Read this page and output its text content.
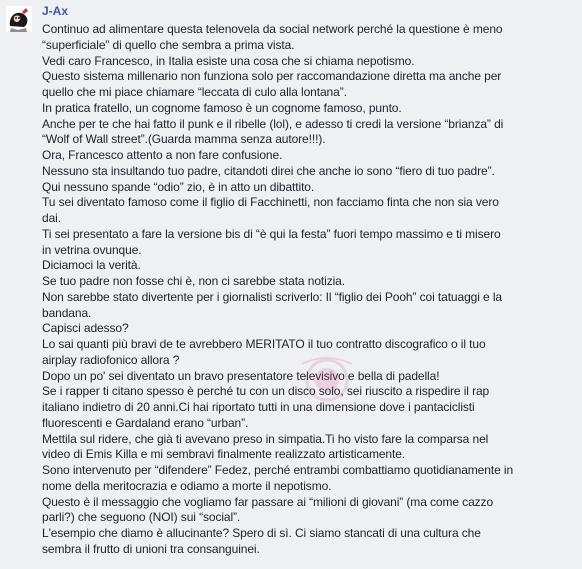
J-Ax
Continuo ad alimentare questa telenovela da social network perché la questione è meno
“superficiale” di quello che sembra a prima vista.
Vedi caro Francesco, in Italia esiste una cosa che si chiama nepotismo.
Questo sistema millenario non funziona solo per raccomandazione diretta ma anche per
quello che mi piace chiamare “leccata di culo alla lontana”.
In pratica fratello, un cognome famoso è un cognome famoso, punto.
Anche per te che hai fatto il punk e il ribelle (lol), e adesso ti credi la versione “brianza” di
“Wolf of Wall street”.(Guarda mamma senza autore!!!).
Ora, Francesco attento a non fare confusione.
Nessuno sta insultando tuo padre, citandoti direi che anche io sono “fiero di tuo padre”.
Qui nessuno spande “odio” zio, è in atto un dibattito.
Tu sei diventato famoso come il figlio di Facchinetti, non facciamo finta che non sia vero
dai.
Ti sei presentato a fare la versione bis di “è qui la festa” fuori tempo massimo e ti misero
in vetrina ovunque.
Diciamoci la verità.
Se tuo padre non fosse chi è, non ci sarebbe stata notizia.
Non sarebbe stato divertente per i giornalisti scriverlo: Il “figlio dei Pooh” coi tatuaggi e la
bandana.
Capisci adesso?
Lo sai quanti più bravi de te avrebbero MERITATO il tuo contratto discografico o il tuo
airplay radiofonico allora ?
Dopo un po' sei diventato un bravo presentatore televisivo e bella di padella!
Se i rapper ti citano spesso è perché tu con un disco solo, sei riuscito a rispedire il rap
italiano indietro di 20 anni.Ci hai riportato tutti in una dimensione dove i pantaciclisti
fluorescenti e Gardaland erano “urban”.
Mettila sul ridere, che già ti avevano preso in simpatia.Ti ho visto fare la comparsa nel
video di Emis Killa e mi sembravi finalmente realizzato artisticamente.
Sono intervenuto per “difendere” Fedez, perché entrambi combattiamo quotidianamente in
nome della meritocrazia e odiamo a morte il nepotismo.
Questo è il messaggio che vogliamo far passare ai “milioni di giovani” (ma come cazzo
parli?) che seguono (NOI) sui “social”.
L'esempio che diamo è allucinante? Spero di sì. Ci siamo stancati di una cultura che
sembra il frutto di unioni tra consanguinei.
